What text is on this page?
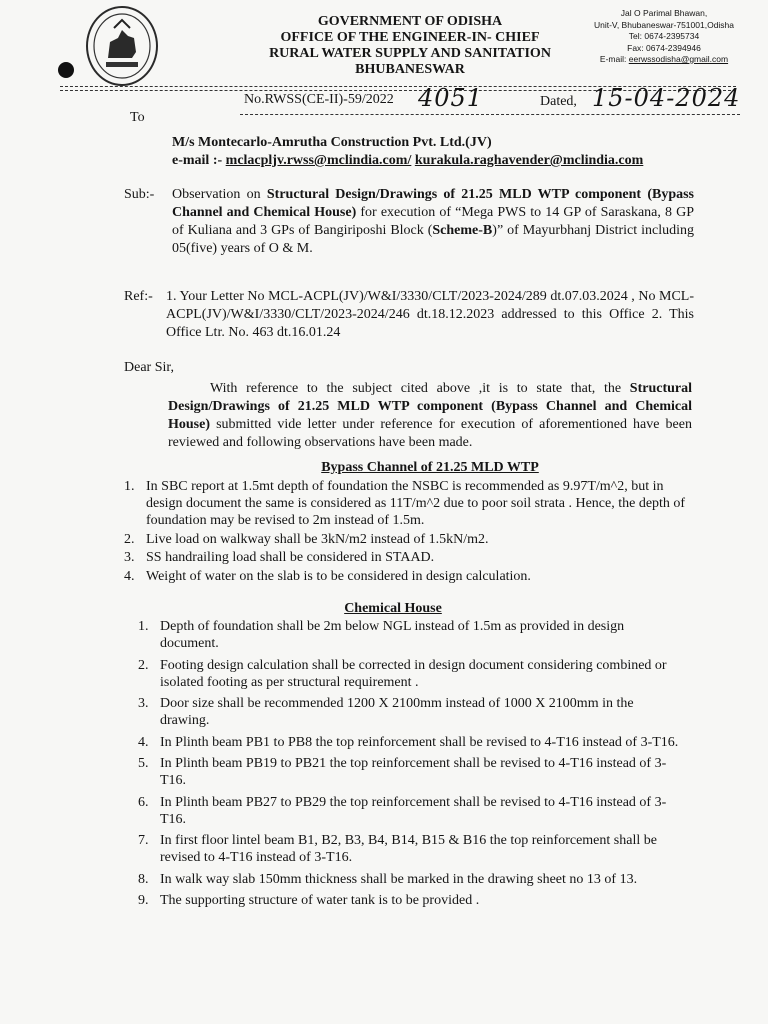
GOVERNMENT OF ODISHA
OFFICE OF THE ENGINEER-IN- CHIEF
RURAL WATER SUPPLY AND SANITATION
BHUBANESWAR
Jal O Parimal Bhawan,
Unit-V, Bhubaneswar-751001,Odisha
Tel: 0674-2395734
Fax: 0674-2394946
E-mail: eerwssodisha@gmail.com
No.RWSS(CE-II)-59/2022 4051	Dated, 15-04-2024
To
M/s Montecarlo-Amrutha Construction Pvt. Ltd.(JV)
e-mail :- mclacpljv.rwss@mclindia.com/ kurakula.raghavender@mclindia.com
Sub:- Observation on Structural Design/Drawings of 21.25 MLD WTP component (Bypass Channel and Chemical House) for execution of “Mega PWS to 14 GP of Saraskana, 8 GP of Kuliana and 3 GPs of Bangiriposhi Block (Scheme-B)” of Mayurbhanj District including 05(five) years of O & M.
Ref:- 1. Your Letter No MCL-ACPL(JV)/W&I/3330/CLT/2023-2024/289 dt.07.03.2024 , No MCL-ACPL(JV)/W&I/3330/CLT/2023-2024/246 dt.18.12.2023 addressed to this Office 2. This Office Ltr. No. 463 dt.16.01.24
Dear Sir,
With reference to the subject cited above ,it is to state that, the Structural Design/Drawings of 21.25 MLD WTP component (Bypass Channel and Chemical House) submitted vide letter under reference for execution of aforementioned have been reviewed and following observations have been made.
Bypass Channel of 21.25 MLD WTP
1. In SBC report at 1.5mt depth of foundation the NSBC is recommended as 9.97T/m^2, but in design document the same is considered as 11T/m^2 due to poor soil strata . Hence, the depth of foundation may be revised to 2m instead of 1.5m.
2. Live load on walkway shall be 3kN/m2 instead of 1.5kN/m2.
3. SS handrailing load shall be considered in STAAD.
4. Weight of water on the slab is to be considered in design calculation.
Chemical House
1. Depth of foundation shall be 2m below NGL instead of 1.5m as provided in design document.
2. Footing design calculation shall be corrected in design document considering combined or isolated footing as per structural requirement .
3. Door size shall be recommended 1200 X 2100mm instead of 1000 X 2100mm in the drawing.
4. In Plinth beam PB1 to PB8 the top reinforcement shall be revised to 4-T16 instead of 3-T16.
5. In Plinth beam PB19 to PB21 the top reinforcement shall be revised to 4-T16 instead of 3-T16.
6. In Plinth beam PB27 to PB29 the top reinforcement shall be revised to 4-T16 instead of 3-T16.
7. In first floor lintel beam B1, B2, B3, B4, B14, B15 & B16 the top reinforcement shall be revised to 4-T16 instead of 3-T16.
8. In walk way slab 150mm thickness shall be marked in the drawing sheet no 13 of 13.
9. The supporting structure of water tank is to be provided .
